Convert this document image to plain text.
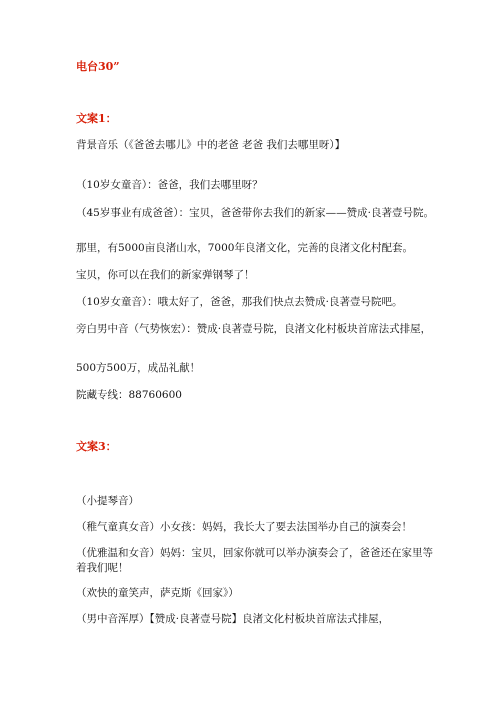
电台30”
文案1：
背景音乐（《爸爸去哪儿》中的老爸 老爸 我们去哪里呀）】
（10岁女童音）：爸爸，我们去哪里呀？
（45岁事业有成爸爸）：宝贝，爸爸带你去我们的新家——赞成·良著壹号院。
那里，有5000亩良渚山水，7000年良渚文化，完善的良渚文化村配套。
宝贝，你可以在我们的新家弹钢琴了！
（10岁女童音）：哦太好了，爸爸，那我们快点去赞成·良著壹号院吧。
旁白男中音（气势恢宏）：赞成·良著壹号院，良渚文化村板块首席法式排屋，
500方500万，成品礼献！
院藏专线：88760600
文案3：
（小提琴音）
（稚气童真女音）小女孩：妈妈，我长大了要去法国举办自己的演奏会！
（优雅温和女音）妈妈：宝贝，回家你就可以举办演奏会了，爸爸还在家里等
着我们呢！
（欢快的童笑声，萨克斯《回家》）
（男中音浑厚）【赞成·良著壹号院】良渚文化村板块首席法式排屋，
